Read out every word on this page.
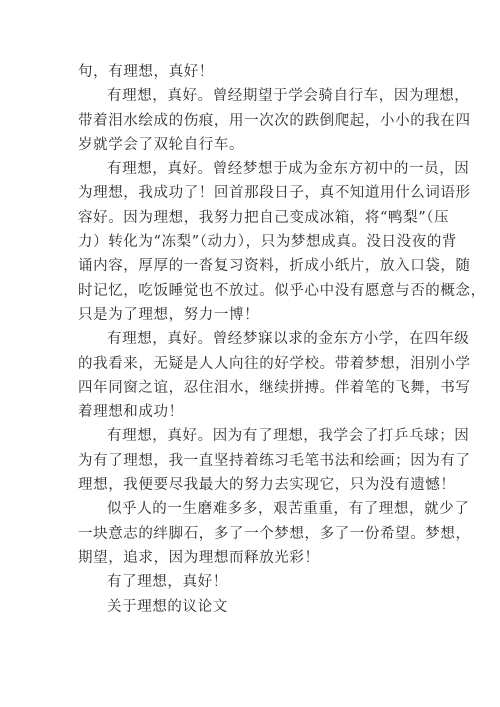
句，有理想，真好！
有理想，真好。曾经期望于学会骑自行车，因为理想，
带着泪水绘成的伤痕，用一次次的跌倒爬起，小小的我在四
岁就学会了双轮自行车。
有理想，真好。曾经梦想于成为金东方初中的一员，因
为理想，我成功了！回首那段日子，真不知道用什么词语形
容好。因为理想，我努力把自己变成冰箱，将“鸭梨”（压
力）转化为“冻梨”（动力），只为梦想成真。没日没夜的背
诵内容，厚厚的一沓复习资料，折成小纸片，放入口袋，随
时记忆，吃饭睡觉也不放过。似乎心中没有愿意与否的概念，
只是为了理想，努力一博！
有理想，真好。曾经梦寐以求的金东方小学，在四年级
的我看来，无疑是人人向往的好学校。带着梦想，泪别小学
四年同窗之谊，忍住泪水，继续拼搏。伴着笔的飞舞，书写
着理想和成功！
有理想，真好。因为有了理想，我学会了打乒乓球；因
为有了理想，我一直坚持着练习毛笔书法和绘画；因为有了
理想，我便要尽我最大的努力去实现它，只为没有遗憾！
似乎人的一生磨难多多，艰苦重重，有了理想，就少了
一块意志的绊脚石，多了一个梦想，多了一份希望。梦想，
期望，追求，因为理想而释放光彩！
有了理想，真好！
关于理想的议论文
